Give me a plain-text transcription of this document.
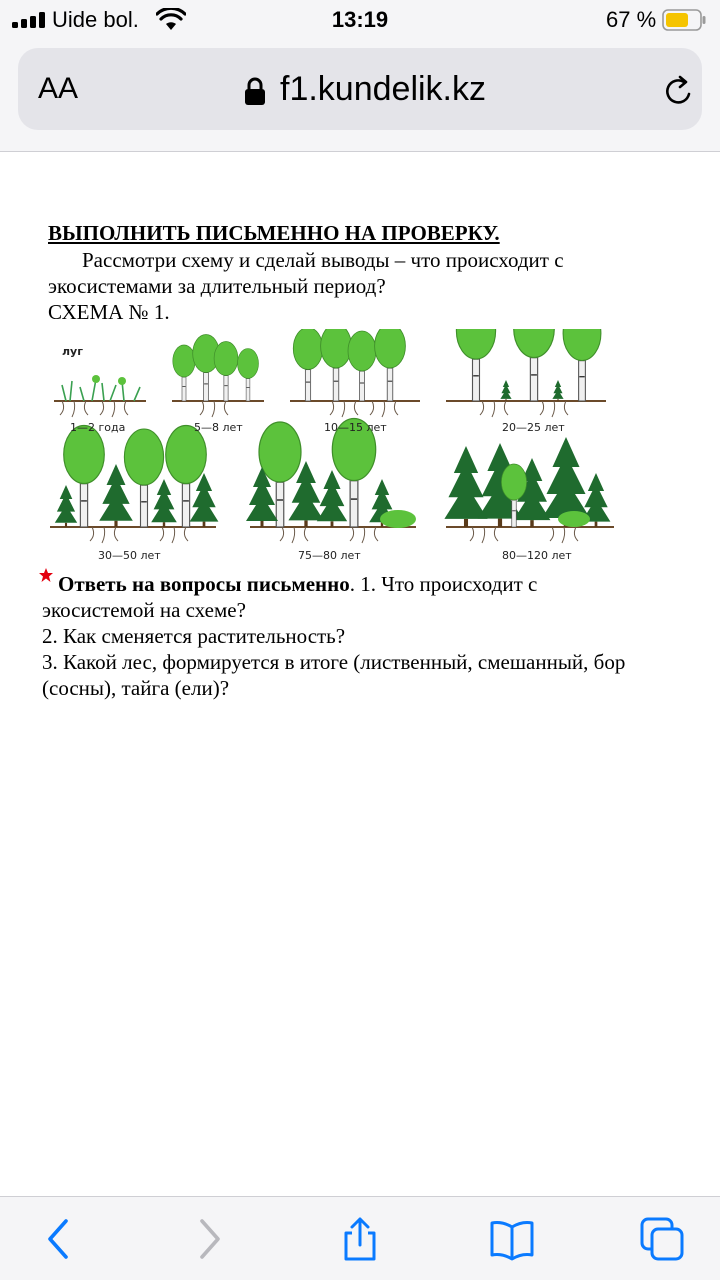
Uide bol.	13:19	67 %
AA	f1.kundelik.kz
ВЫПОЛНИТЬ ПИСЬМЕННО НА ПРОВЕРКУ.
Рассмотри схему и сделай выводы – что происходит с
экосистемами за длительный период?
СХЕМА № 1.
луг
1—2 года	5—8 лет	10—15 лет	20—25 лет
30—50 лет	75—80 лет	80—120 лет
Ответь на вопросы письменно. 1. Что происходит с
экосистемой на схеме?
2. Как сменяется растительность?
3. Какой лес, формируется в итоге (лиственный, смешанный, бор
(сосны), тайга (ели)?
